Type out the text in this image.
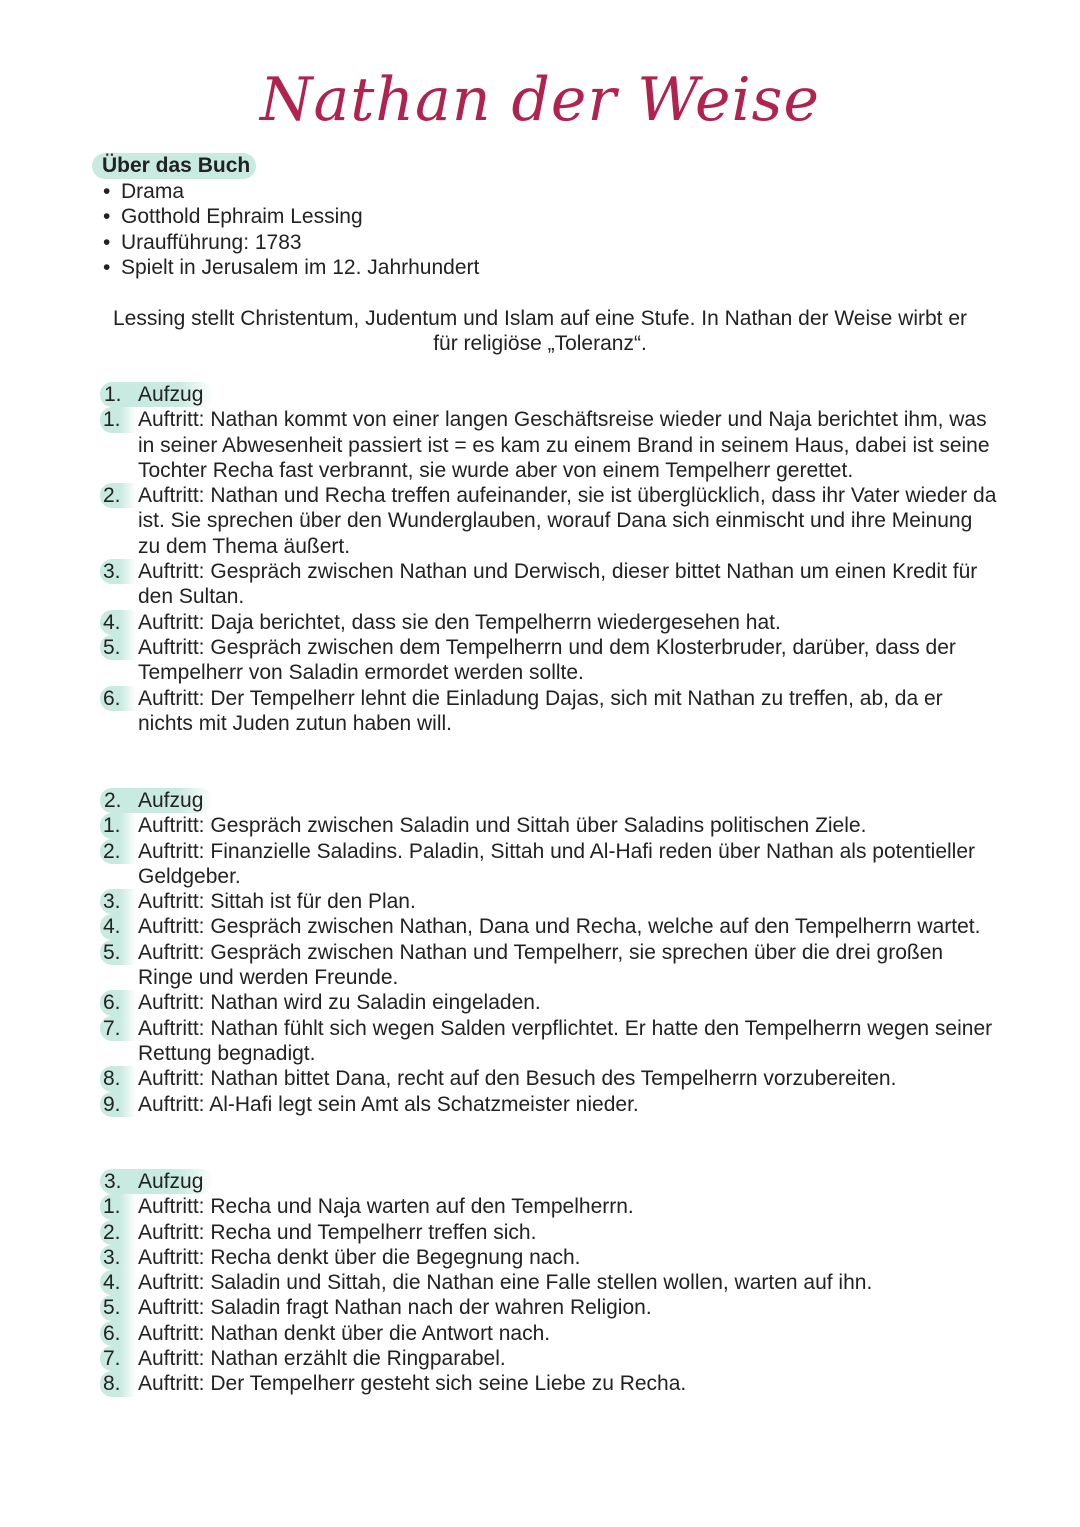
Nathan der Weise
Über das Buch
• Drama
• Gotthold Ephraim Lessing
• Uraufführung: 1783
• Spielt in Jerusalem im 12. Jahrhundert
Lessing stellt Christentum, Judentum und Islam auf eine Stufe. In Nathan der Weise wirbt er für religiöse „Toleranz“.
1. Aufzug
1. Auftritt: Nathan kommt von einer langen Geschäftsreise wieder und Naja berichtet ihm, was in seiner Abwesenheit passiert ist = es kam zu einem Brand in seinem Haus, dabei ist seine Tochter Recha fast verbrannt, sie wurde aber von einem Tempelherr gerettet.
2. Auftritt: Nathan und Recha treffen aufeinander, sie ist überglücklich, dass ihr Vater wieder da ist. Sie sprechen über den Wunderglauben, worauf Dana sich einmischt und ihre Meinung zu dem Thema äußert.
3. Auftritt: Gespräch zwischen Nathan und Derwisch, dieser bittet Nathan um einen Kredit für den Sultan.
4. Auftritt: Daja berichtet, dass sie den Tempelherrn wiedergesehen hat.
5. Auftritt: Gespräch zwischen dem Tempelherrn und dem Klosterbruder, darüber, dass der Tempelherr von Saladin ermordet werden sollte.
6. Auftritt: Der Tempelherr lehnt die Einladung Dajas, sich mit Nathan zu treffen, ab, da er nichts mit Juden zutun haben will.
2. Aufzug
1. Auftritt: Gespräch zwischen Saladin und Sittah über Saladins politischen Ziele.
2. Auftritt: Finanzielle Saladins. Paladin, Sittah und Al-Hafi reden über Nathan als potentieller Geldgeber.
3. Auftritt: Sittah ist für den Plan.
4. Auftritt: Gespräch zwischen Nathan, Dana und Recha, welche auf den Tempelherrn wartet.
5. Auftritt: Gespräch zwischen Nathan und Tempelherr, sie sprechen über die drei großen Ringe und werden Freunde.
6. Auftritt: Nathan wird zu Saladin eingeladen.
7. Auftritt: Nathan fühlt sich wegen Salden verpflichtet. Er hatte den Tempelherrn wegen seiner Rettung begnadigt.
8. Auftritt: Nathan bittet Dana, recht auf den Besuch des Tempelherrn vorzubereiten.
9. Auftritt: Al-Hafi legt sein Amt als Schatzmeister nieder.
3. Aufzug
1. Auftritt: Recha und Naja warten auf den Tempelherrn.
2. Auftritt: Recha und Tempelherr treffen sich.
3. Auftritt: Recha denkt über die Begegnung nach.
4. Auftritt: Saladin und Sittah, die Nathan eine Falle stellen wollen, warten auf ihn.
5. Auftritt: Saladin fragt Nathan nach der wahren Religion.
6. Auftritt: Nathan denkt über die Antwort nach.
7. Auftritt: Nathan erzählt die Ringparabel.
8. Auftritt: Der Tempelherr gesteht sich seine Liebe zu Recha.
